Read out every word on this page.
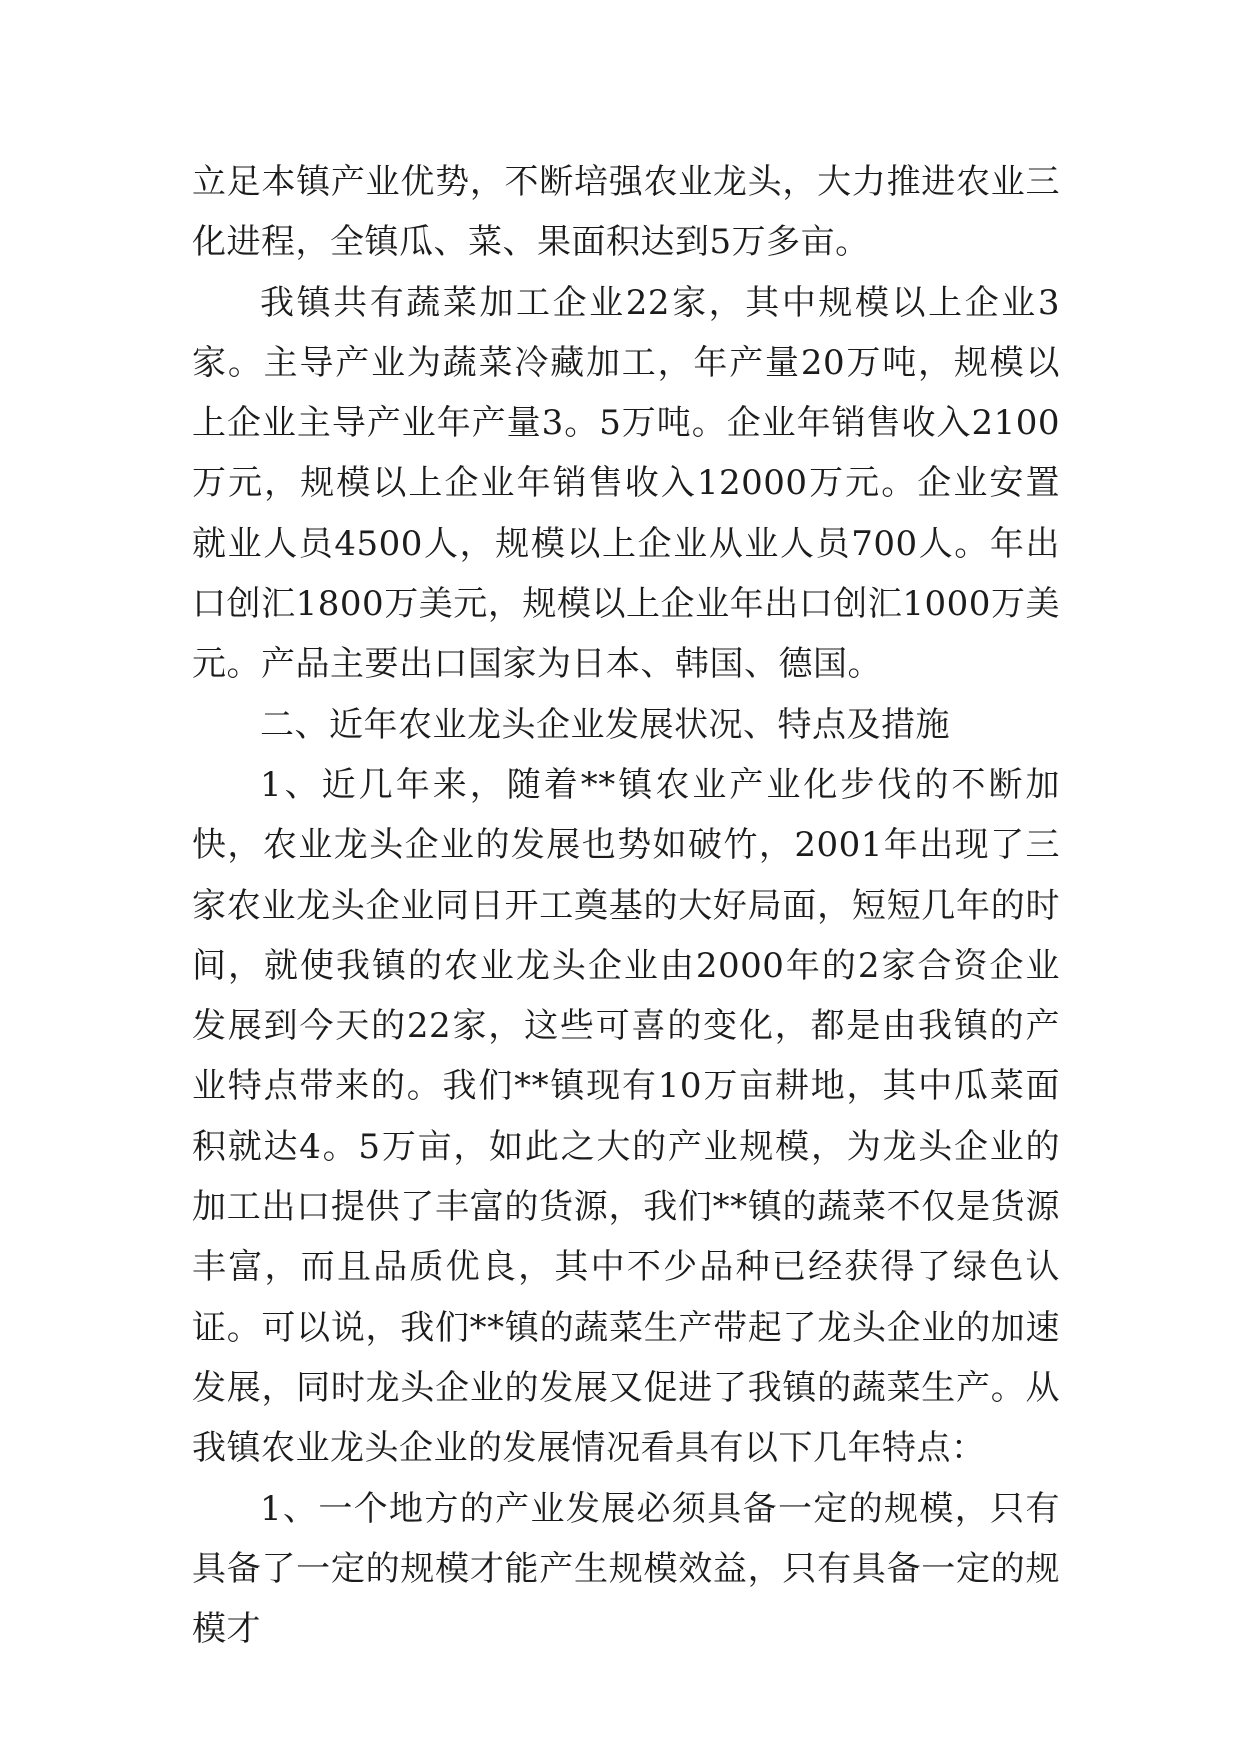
立足本镇产业优势，不断培强农业龙头，大力推进农业三化进程，全镇瓜、菜、果面积达到5万多亩。

我镇共有蔬菜加工企业22家，其中规模以上企业3家。主导产业为蔬菜冷藏加工，年产量20万吨，规模以上企业主导产业年产量3。5万吨。企业年销售收入2100万元，规模以上企业年销售收入12000万元。企业安置就业人员4500人，规模以上企业从业人员700人。年出口创汇1800万美元，规模以上企业年出口创汇1000万美元。产品主要出口国家为日本、韩国、德国。

二、近年农业龙头企业发展状况、特点及措施

1、近几年来，随着**镇农业产业化步伐的不断加快，农业龙头企业的发展也势如破竹，2001年出现了三家农业龙头企业同日开工奠基的大好局面，短短几年的时间，就使我镇的农业龙头企业由2000年的2家合资企业发展到今天的22家，这些可喜的变化，都是由我镇的产业特点带来的。我们**镇现有10万亩耕地，其中瓜菜面积就达4。5万亩，如此之大的产业规模，为龙头企业的加工出口提供了丰富的货源，我们**镇的蔬菜不仅是货源丰富，而且品质优良，其中不少品种已经获得了绿色认证。可以说，我们**镇的蔬菜生产带起了龙头企业的加速发展，同时龙头企业的发展又促进了我镇的蔬菜生产。从我镇农业龙头企业的发展情况看具有以下几年特点：

1、一个地方的产业发展必须具备一定的规模，只有具备了一定的规模才能产生规模效益，只有具备一定的规模才
